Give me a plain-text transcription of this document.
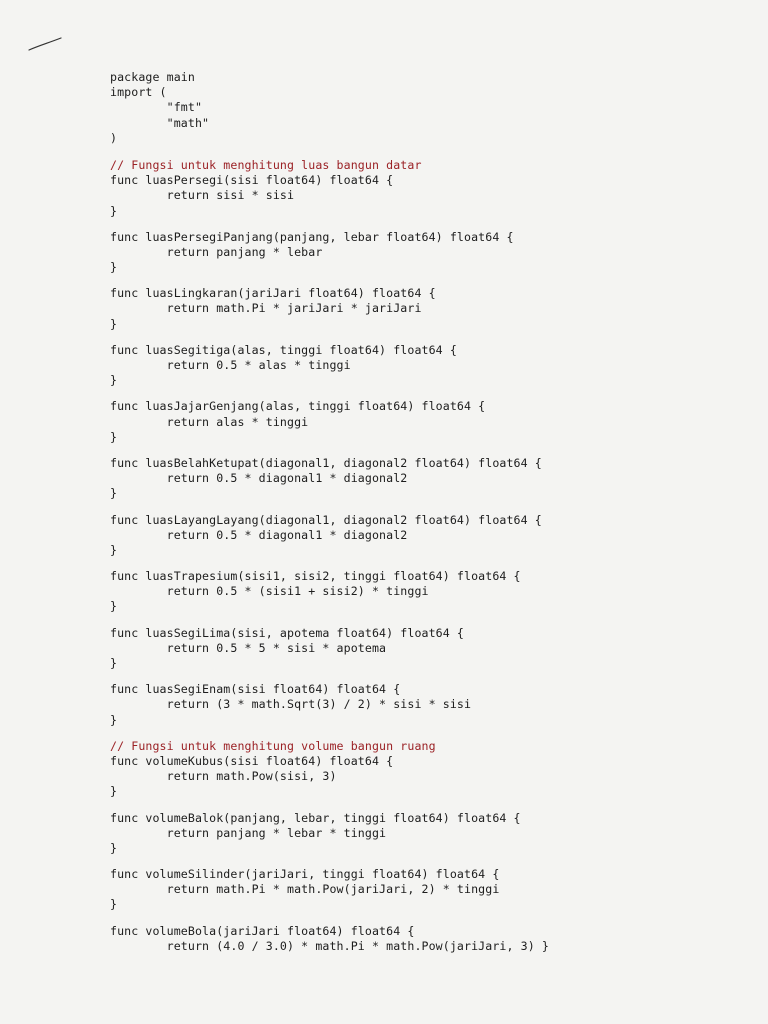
package main
import (
"fmt"
"math"
)
// Fungsi untuk menghitung luas bangun datar
func luasPersegi(sisi float64) float64 {
return sisi * sisi
}
func luasPersegiPanjang(panjang, lebar float64) float64 {
return panjang * lebar
}
func luasLingkaran(jariJari float64) float64 {
return math.Pi * jariJari * jariJari
}
func luasSegitiga(alas, tinggi float64) float64 {
return 0.5 * alas * tinggi
}
func luasJajarGenjang(alas, tinggi float64) float64 {
return alas * tinggi
}
func luasBelahKetupat(diagonal1, diagonal2 float64) float64 {
return 0.5 * diagonal1 * diagonal2
}
func luasLayangLayang(diagonal1, diagonal2 float64) float64 {
return 0.5 * diagonal1 * diagonal2
}
func luasTrapesium(sisi1, sisi2, tinggi float64) float64 {
return 0.5 * (sisi1 + sisi2) * tinggi
}
func luasSegiLima(sisi, apotema float64) float64 {
return 0.5 * 5 * sisi * apotema
}
func luasSegiEnam(sisi float64) float64 {
return (3 * math.Sqrt(3) / 2) * sisi * sisi
}
// Fungsi untuk menghitung volume bangun ruang
func volumeKubus(sisi float64) float64 {
return math.Pow(sisi, 3)
}
func volumeBalok(panjang, lebar, tinggi float64) float64 {
return panjang * lebar * tinggi
}
func volumeSilinder(jariJari, tinggi float64) float64 {
return math.Pi * math.Pow(jariJari, 2) * tinggi
}
func volumeBola(jariJari float64) float64 {
return (4.0 / 3.0) * math.Pi * math.Pow(jariJari, 3) }
